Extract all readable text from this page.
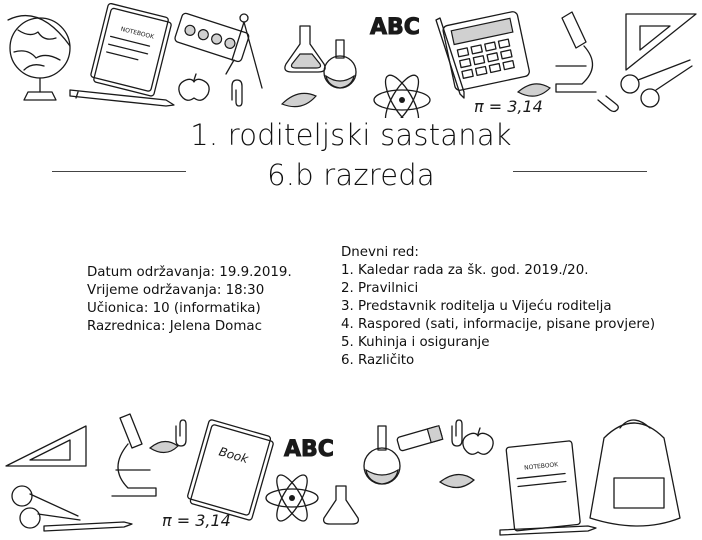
NOTEBOOK	ABC
π = 3,14
1. roditeljski sastanak
6.b razreda
Datum održavanja: 19.9.2019.
Vrijeme održavanja: 18:30
Učionica: 10 (informatika)
Razrednica: Jelena Domac
Dnevni red:
1. Kaledar rada za šk. god. 2019./20.
2. Pravilnici
3. Predstavnik roditelja u Vijeću roditelja
4. Raspored (sati, informacije, pisane provjere)
5. Kuhinja i osiguranje
6. Različito
Book ABC
π = 3,14
NOTEBOOK
